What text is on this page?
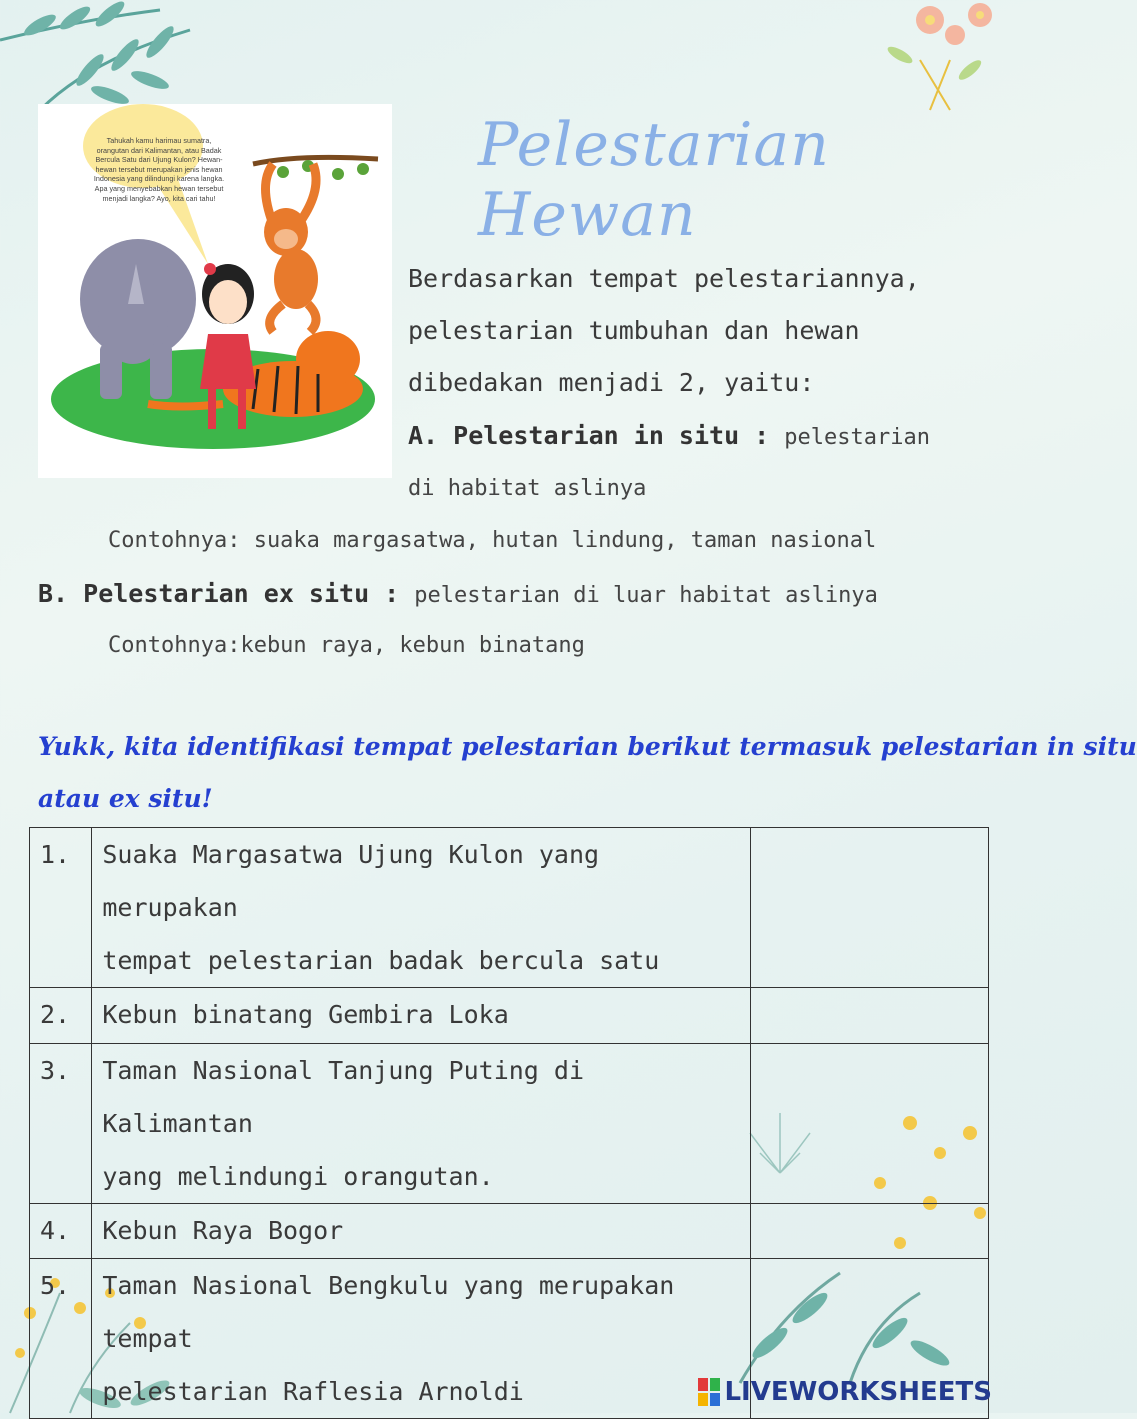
Tahukah kamu harimau sumatra, orangutan dari Kalimantan, atau Badak Bercula Satu dari Ujung Kulon? Hewan-hewan tersebut merupakan jenis hewan Indonesia yang dilindungi karena langka. Apa yang menyebabkan hewan tersebut menjadi langka? Ayo, kita cari tahu!
Pelestarian Hewan
Berdasarkan tempat pelestariannya,
pelestarian tumbuhan dan hewan
dibedakan menjadi 2, yaitu:
A. Pelestarian in situ : pelestarian
di habitat aslinya
Contohnya: suaka margasatwa, hutan lindung, taman nasional
B. Pelestarian ex situ : pelestarian di luar habitat aslinya
Contohnya:kebun raya, kebun binatang
Yukk, kita identifikasi tempat pelestarian berikut termasuk pelestarian in situ
atau ex situ!
1.	Suaka Margasatwa Ujung Kulon yang merupakan
tempat pelestarian badak bercula satu

2.	Kebun binatang Gembira Loka

3.	Taman Nasional Tanjung Puting di Kalimantan
yang melindungi orangutan.

4.	Kebun Raya Bogor

5.	Taman Nasional Bengkulu yang merupakan tempat
pelestarian Raflesia Arnoldi
		LIVEWORKSHEETS
